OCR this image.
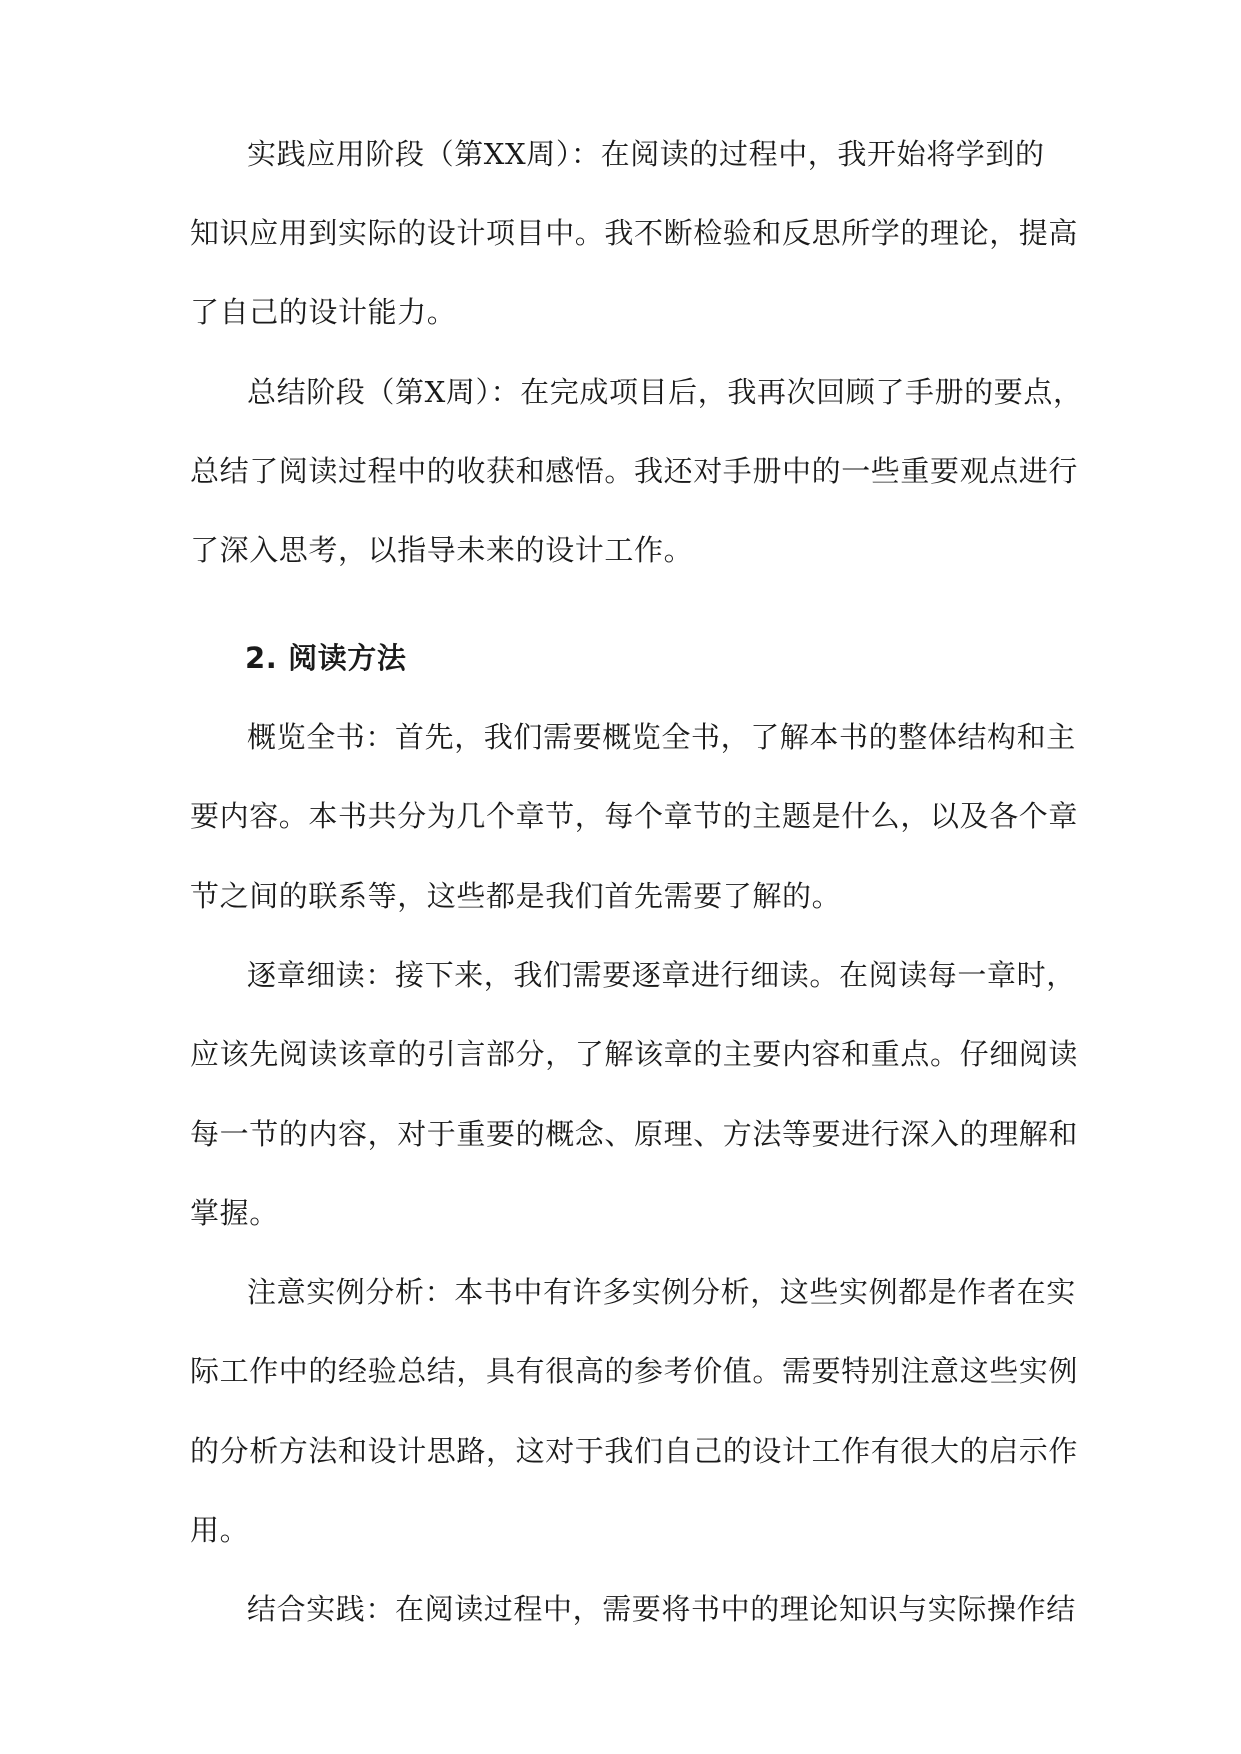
实践应用阶段（第XX周）：在阅读的过程中，我开始将学到的
知识应用到实际的设计项目中。我不断检验和反思所学的理论，提高
了自己的设计能力。
总结阶段（第X周）：在完成项目后，我再次回顾了手册的要点，
总结了阅读过程中的收获和感悟。我还对手册中的一些重要观点进行
了深入思考，以指导未来的设计工作。
2. 阅读方法
概览全书：首先，我们需要概览全书，了解本书的整体结构和主
要内容。本书共分为几个章节，每个章节的主题是什么，以及各个章
节之间的联系等，这些都是我们首先需要了解的。
逐章细读：接下来，我们需要逐章进行细读。在阅读每一章时，
应该先阅读该章的引言部分，了解该章的主要内容和重点。仔细阅读
每一节的内容，对于重要的概念、原理、方法等要进行深入的理解和
掌握。
注意实例分析：本书中有许多实例分析，这些实例都是作者在实
际工作中的经验总结，具有很高的参考价值。需要特别注意这些实例
的分析方法和设计思路，这对于我们自己的设计工作有很大的启示作
用。
结合实践：在阅读过程中，需要将书中的理论知识与实际操作结
